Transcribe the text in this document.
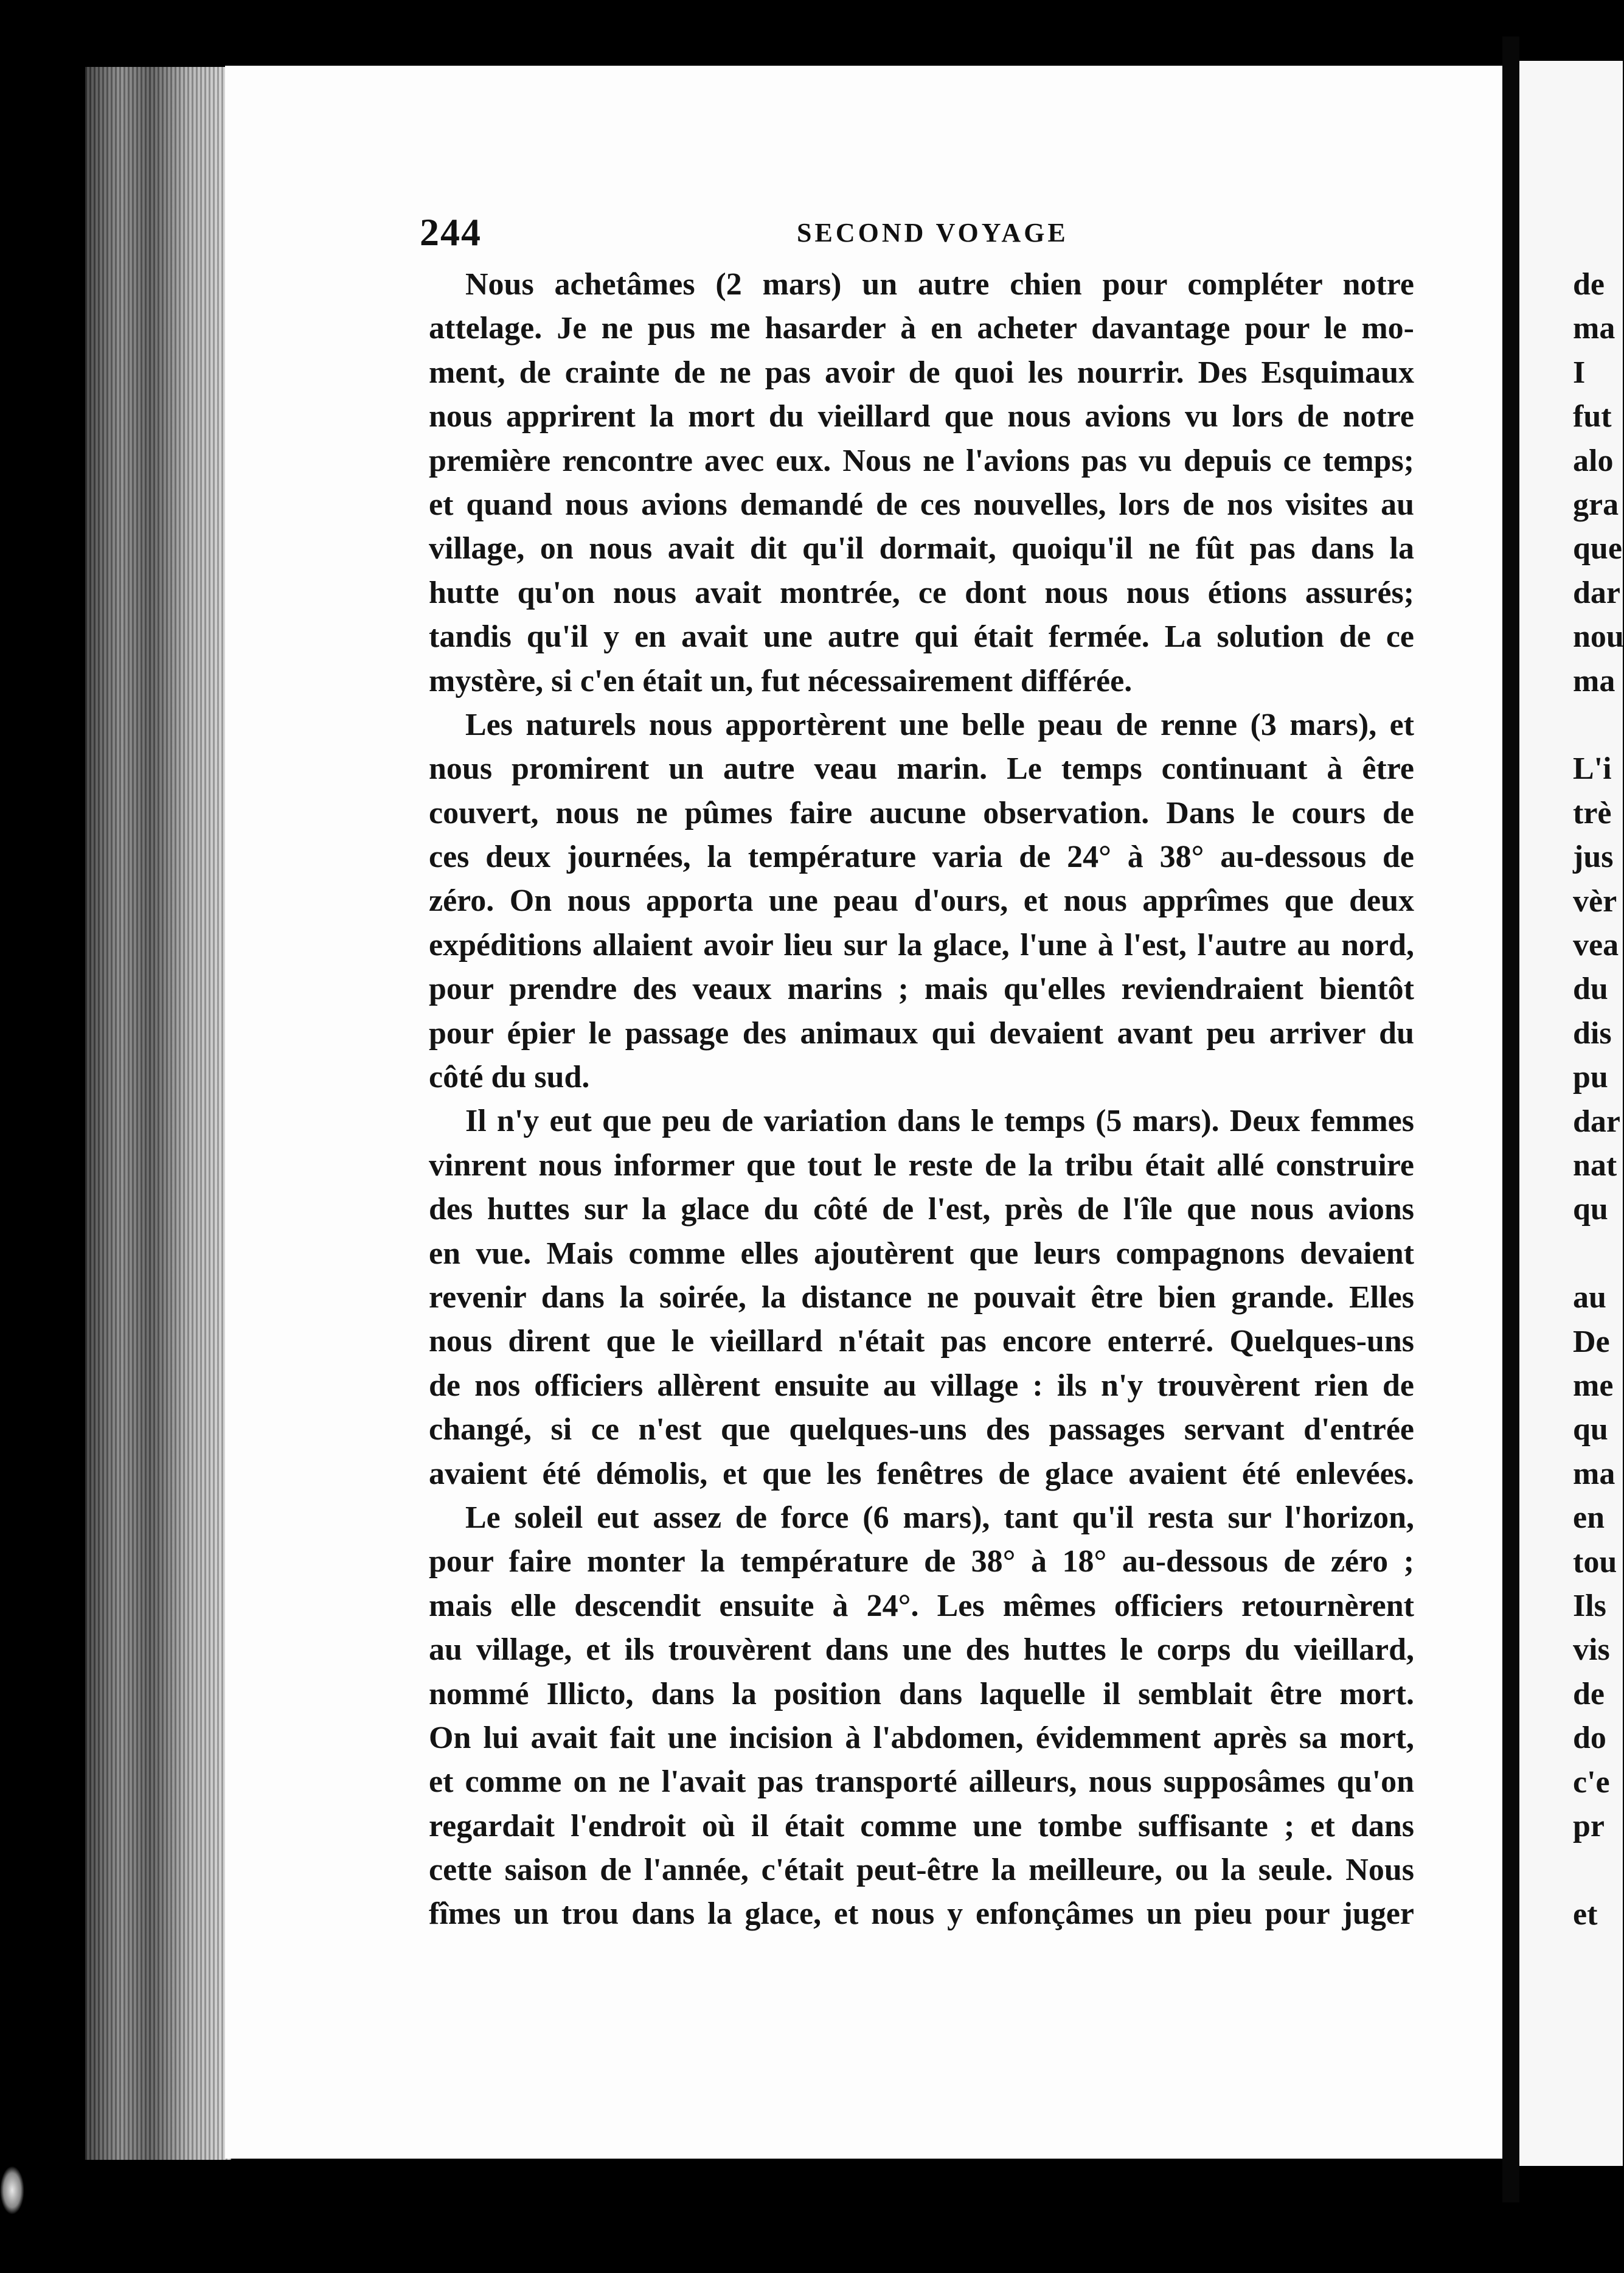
244	SECOND VOYAGE
Nous achetâmes (2 mars) un autre chien pour compléter notre
attelage. Je ne pus me hasarder à en acheter davantage pour le mo-
ment, de crainte de ne pas avoir de quoi les nourrir. Des Esquimaux
nous apprirent la mort du vieillard que nous avions vu lors de notre
première rencontre avec eux. Nous ne l'avions pas vu depuis ce temps;
et quand nous avions demandé de ces nouvelles, lors de nos visites au
village, on nous avait dit qu'il dormait, quoiqu'il ne fût pas dans la
hutte qu'on nous avait montrée, ce dont nous nous étions assurés;
tandis qu'il y en avait une autre qui était fermée. La solution de ce
mystère, si c'en était un, fut nécessairement différée.
Les naturels nous apportèrent une belle peau de renne (3 mars), et
nous promirent un autre veau marin. Le temps continuant à être
couvert, nous ne pûmes faire aucune observation. Dans le cours de
ces deux journées, la température varia de 24° à 38° au-dessous de
zéro. On nous apporta une peau d'ours, et nous apprîmes que deux
expéditions allaient avoir lieu sur la glace, l'une à l'est, l'autre au nord,
pour prendre des veaux marins ; mais qu'elles reviendraient bientôt
pour épier le passage des animaux qui devaient avant peu arriver du
côté du sud.
Il n'y eut que peu de variation dans le temps (5 mars). Deux femmes
vinrent nous informer que tout le reste de la tribu était allé construire
des huttes sur la glace du côté de l'est, près de l'île que nous avions
en vue. Mais comme elles ajoutèrent que leurs compagnons devaient
revenir dans la soirée, la distance ne pouvait être bien grande. Elles
nous dirent que le vieillard n'était pas encore enterré. Quelques-uns
de nos officiers allèrent ensuite au village : ils n'y trouvèrent rien de
changé, si ce n'est que quelques-uns des passages servant d'entrée
avaient été démolis, et que les fenêtres de glace avaient été enlevées.
Le soleil eut assez de force (6 mars), tant qu'il resta sur l'horizon,
pour faire monter la température de 38° à 18° au-dessous de zéro ;
mais elle descendit ensuite à 24°. Les mêmes officiers retournèrent
au village, et ils trouvèrent dans une des huttes le corps du vieillard,
nommé Illicto, dans la position dans laquelle il semblait être mort.
On lui avait fait une incision à l'abdomen, évidemment après sa mort,
et comme on ne l'avait pas transporté ailleurs, nous supposâmes qu'on
regardait l'endroit où il était comme une tombe suffisante ; et dans
cette saison de l'année, c'était peut-être la meilleure, ou la seule. Nous
fîmes un trou dans la glace, et nous y enfonçâmes un pieu pour juger
de
ma
I
fut
alo
gra
que
dar
nou
ma
L'i
trè
jus
vèr
vea
du
dis
pu
dar
nat
qu
au
De
me
qu
ma
en
tou
Ils
vis
de
do
c'e
pr
et
